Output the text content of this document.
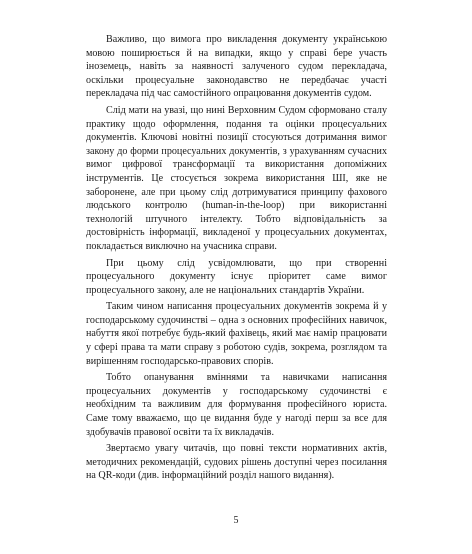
Важливо, що вимога про викладення документу українською мовою поширюється й на випадки, якщо у справі бере участь іноземець, навіть за наявності залученого судом перекладача, оскільки процесуальне законодавство не передбачає участі перекладача під час самостійного опрацювання документів судом.

Слід мати на увазі, що нині Верховним Судом сформовано сталу практику щодо оформлення, подання та оцінки процесуальних документів. Ключові новітні позиції стосуються дотримання вимог закону до форми процесуальних документів, з урахуванням сучасних вимог цифрової трансформації та використання допоміжних інструментів. Це стосується зокрема використання ШІ, яке не заборонене, але при цьому слід дотримуватися принципу фахового людського контролю (human-in-the-loop) при використанні технологій штучного інтелекту. Тобто відповідальність за достовірність інформації, викладеної у процесуальних документах, покладається виключно на учасника справи.

При цьому слід усвідомлювати, що при створенні процесуального документу існує пріоритет саме вимог процесуального закону, але не національних стандартів України.

Таким чином написання процесуальних документів зокрема й у господарському судочинстві – одна з основних професійних навичок, набуття якої потребує будь-який фахівець, який має намір працювати у сфері права та мати справу з роботою судів, зокрема, розглядом та вирішенням господарсько-правових спорів.

Тобто опанування вміннями та навичками написання процесуальних документів у господарському судочинстві є необхідним та важливим для формування професійного юриста. Саме тому вважаємо, що це видання буде у нагоді перш за все для здобувачів правової освіти та їх викладачів.

Звертаємо увагу читачів, що повні тексти нормативних актів, методичних рекомендацій, судових рішень доступні через посилання на QR-коди (див. інформаційний розділ нашого видання).

5
